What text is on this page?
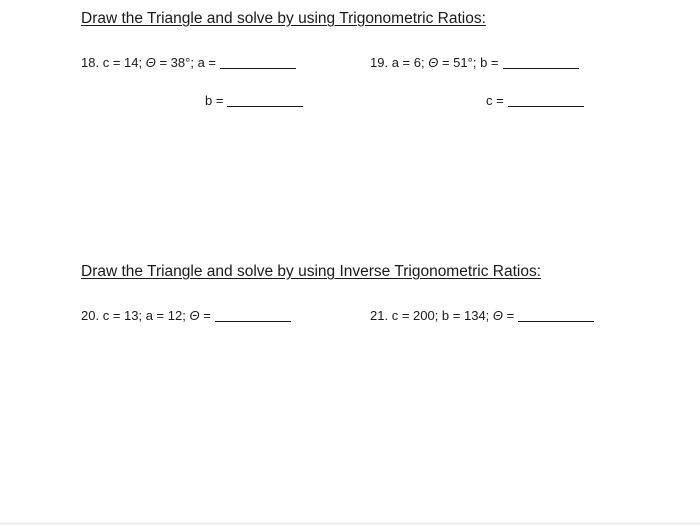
Draw the Triangle and solve by using Trigonometric Ratios:
18.
c = 14;
Θ
= 38°;
a =
b =
19.
a = 6;
Θ
= 51°;
b =
c =
Draw the Triangle and solve by using Inverse Trigonometric Ratios:
20.
c = 13; a = 12;
Θ
=	21.
c = 200; b = 134;
Θ
=
